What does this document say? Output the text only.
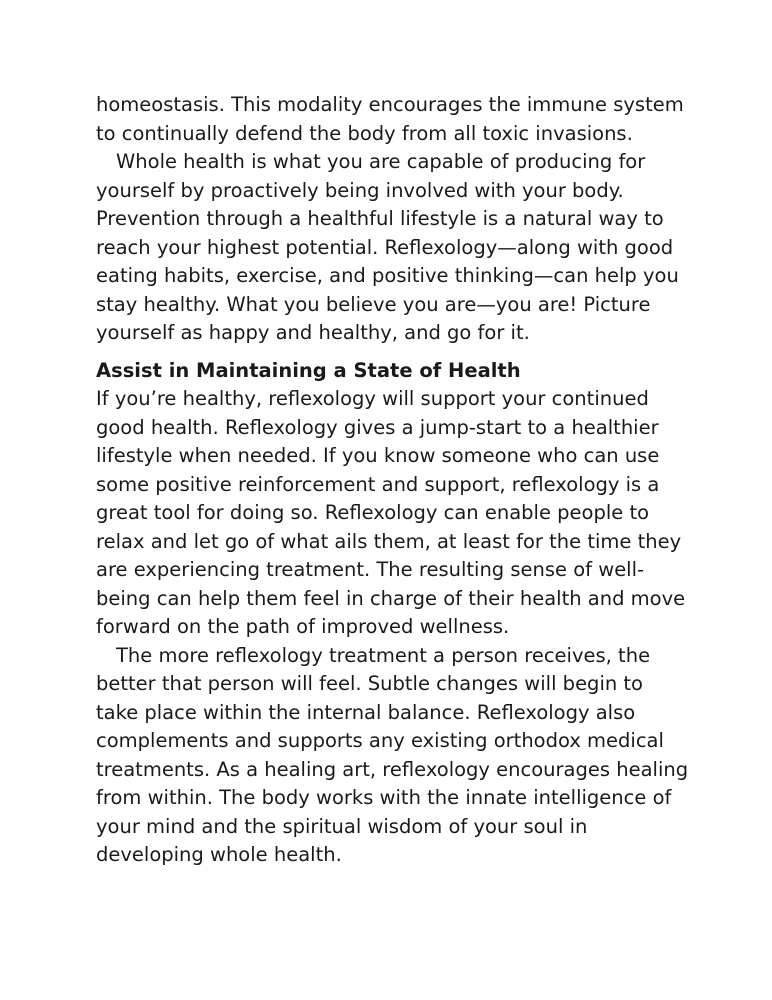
homeostasis. This modality encourages the immune system
to continually defend the body from all toxic invasions.
Whole health is what you are capable of producing for
yourself by proactively being involved with your body.
Prevention through a healthful lifestyle is a natural way to
reach your highest potential. Reflexology—along with good
eating habits, exercise, and positive thinking—can help you
stay healthy. What you believe you are—you are! Picture
yourself as happy and healthy, and go for it.
Assist in Maintaining a State of Health
If you’re healthy, reflexology will support your continued
good health. Reflexology gives a jump-start to a healthier
lifestyle when needed. If you know someone who can use
some positive reinforcement and support, reflexology is a
great tool for doing so. Reflexology can enable people to
relax and let go of what ails them, at least for the time they
are experiencing treatment. The resulting sense of well-
being can help them feel in charge of their health and move
forward on the path of improved wellness.
The more reflexology treatment a person receives, the
better that person will feel. Subtle changes will begin to
take place within the internal balance. Reflexology also
complements and supports any existing orthodox medical
treatments. As a healing art, reflexology encourages healing
from within. The body works with the innate intelligence of
your mind and the spiritual wisdom of your soul in
developing whole health.
